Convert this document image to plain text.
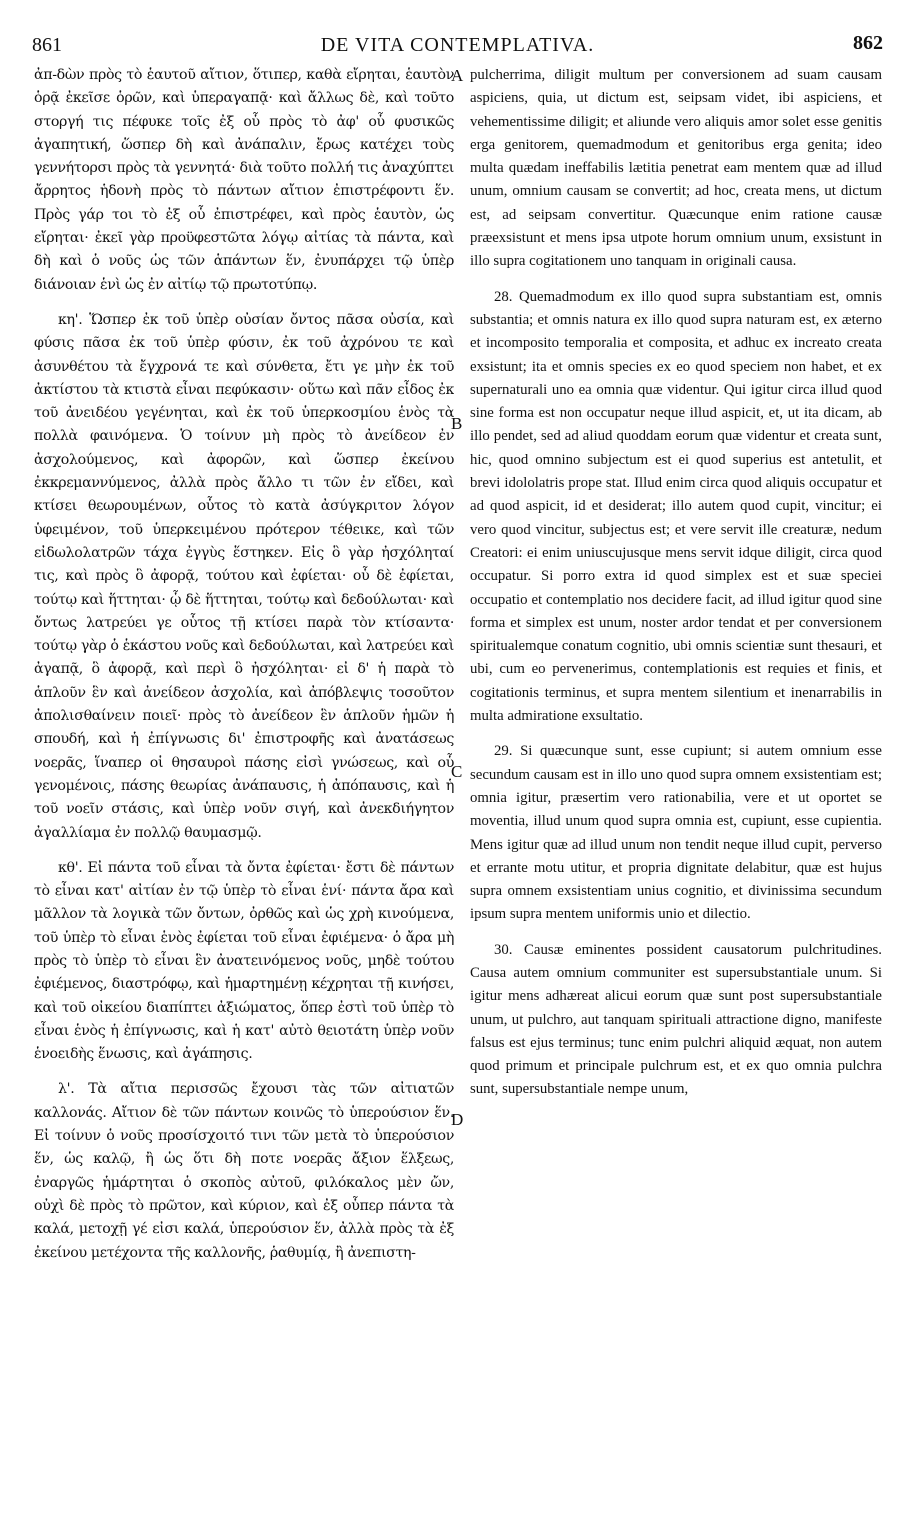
861	DE VITA CONTEMPLATIVA.	862

ἀπ-δὼν πρὸς τὸ ἑαυτοῦ αἴτιον, ὅτιπερ, καθὰ εἴρηται, ἑαυτὸν ὁρᾷ ἐκεῖσε ὁρῶν, καὶ ὑπεραγαπᾷ· καὶ ἄλλως δὲ, καὶ τοῦτο στοργή τις πέφυκε τοῖς ἐξ οὗ πρὸς τὸ ἀφ' οὗ φυσικῶς ἀγαπητική, ὥσπερ δὴ καὶ ἀνάπαλιν, ἔρως κατέχει τοὺς γεννήτορσι πρὸς τὰ γεννητά· διὰ τοῦτο πολλή τις ἀναχύπτει ἄρρητος ἡδονὴ πρὸς τὸ πάντων αἴτιον ἐπιστρέφοντι ἕν. Πρὸς γάρ τοι τὸ ἐξ οὗ ἐπιστρέφει, καὶ πρὸς ἑαυτὸν, ὡς εἴρηται· ἐκεῖ γὰρ προϋφεστῶτα λόγῳ αἰτίας τὰ πάντα, καὶ δὴ καὶ ὁ νοῦς ὡς τῶν ἁπάντων ἕν, ἐνυπάρχει τῷ ὑπὲρ διάνοιαν ἑνὶ ὡς ἐν αἰτίῳ τῷ πρωτοτύπῳ.

κη'. Ὥσπερ ἐκ τοῦ ὑπὲρ οὐσίαν ὄντος πᾶσα οὐσία, καὶ φύσις πᾶσα ἐκ τοῦ ὑπὲρ φύσιν, ἐκ τοῦ ἀχρόνου τε καὶ ἀσυνθέτου τὰ ἔγχρονά τε καὶ σύνθετα, ἔτι γε μὴν ἐκ τοῦ ἀκτίστου τὰ κτιστὰ εἶναι πεφύκασιν· οὕτω καὶ πᾶν εἶδος ἐκ τοῦ ἀνειδέου γεγένηται, καὶ ἐκ τοῦ ὑπερκοσμίου ἑνὸς τὰ πολλὰ φαινόμενα. Ὁ τοίνυν μὴ πρὸς τὸ ἀνείδεον ἐν ἀσχολούμενος, καὶ ἀφορῶν, καὶ ὥσπερ ἐκείνου ἐκκρεμαννύμενος, ἀλλὰ πρὸς ἄλλο τι τῶν ἐν εἴδει, καὶ κτίσει θεωρουμένων, οὗτος τὸ κατὰ ἀσύγκριτον λόγον ὑφειμένον, τοῦ ὑπερκειμένου πρότερον τέθεικε, καὶ τῶν εἰδωλολατρῶν τάχα ἐγγὺς ἕστηκεν. Εἰς ὃ γὰρ ἠσχόληταί τις, καὶ πρὸς ὃ ἀφορᾷ, τούτου καὶ ἐφίεται· οὗ δὲ ἐφίεται, τούτῳ καὶ ἥττηται· ᾧ δὲ ἥττηται, τούτῳ καὶ δεδούλωται· καὶ ὄντως λατρεύει γε οὗτος τῇ κτίσει παρὰ τὸν κτίσαντα· τούτῳ γὰρ ὁ ἑκάστου νοῦς καὶ δεδούλωται, καὶ λατρεύει καὶ ἀγαπᾷ, ὃ ἀφορᾷ, καὶ περὶ ὃ ἠσχόληται· εἰ δ' ἡ παρὰ τὸ ἁπλοῦν ἓν καὶ ἀνείδεον ἀσχολία, καὶ ἀπόβλεψις τοσοῦτον ἀπολισθαίνειν ποιεῖ· πρὸς τὸ ἀνείδεον ἓν ἁπλοῦν ἡμῶν ἡ σπουδή, καὶ ἡ ἐπίγνωσις δι' ἐπιστροφῆς καὶ ἀνατάσεως νοερᾶς, ἵναπερ οἱ θησαυροὶ πάσης εἰσὶ γνώσεως, καὶ οὗ γενομένοις, πάσης θεωρίας ἀνάπαυσις, ἡ ἀπόπαυσις, καὶ ἡ τοῦ νοεῖν στάσις, καὶ ὑπὲρ νοῦν σιγή, καὶ ἀνεκδιήγητον ἀγαλλίαμα ἐν πολλῷ θαυμασμῷ.

κθ'. Εἰ πάντα τοῦ εἶναι τὰ ὄντα ἐφίεται· ἔστι δὲ πάντων τὸ εἶναι κατ' αἰτίαν ἐν τῷ ὑπὲρ τὸ εἶναι ἑνί· πάντα ἄρα καὶ μᾶλλον τὰ λογικὰ τῶν ὄντων, ὀρθῶς καὶ ὡς χρὴ κινούμενα, τοῦ ὑπὲρ τὸ εἶναι ἑνὸς ἐφίεται τοῦ εἶναι ἐφιέμενα· ὁ ἄρα μὴ πρὸς τὸ ὑπὲρ τὸ εἶναι ἓν ἀνατεινόμενος νοῦς, μηδὲ τούτου ἐφιέμενος, διαστρόφῳ, καὶ ἡμαρτημένῃ κέχρηται τῇ κινήσει, καὶ τοῦ οἰκείου διαπίπτει ἀξιώματος, ὅπερ ἐστὶ τοῦ ὑπὲρ τὸ εἶναι ἑνὸς ἡ ἐπίγνωσις, καὶ ἡ κατ' αὐτὸ θειοτάτη ὑπὲρ νοῦν ἑνοειδὴς ἕνωσις, καὶ ἀγάπησις.

λ'. Τὰ αἴτια περισσῶς ἔχουσι τὰς τῶν αἰτιατῶν καλλονάς. Αἴτιον δὲ τῶν πάντων κοινῶς τὸ ὑπερούσιον ἕν. Εἰ τοίνυν ὁ νοῦς προσίσχοιτό τινι τῶν μετὰ τὸ ὑπερούσιον ἕν, ὡς καλῷ, ἢ ὡς ὅτι δὴ ποτε νοερᾶς ἄξιον ἕλξεως, ἐναργῶς ἡμάρτηται ὁ σκοπὸς αὐτοῦ, φιλόκαλος μὲν ὤν, οὐχὶ δὲ πρὸς τὸ πρῶτον, καὶ κύριον, καὶ ἐξ οὗπερ πάντα τὰ καλά, μετοχῇ γέ εἰσι καλά, ὑπερούσιον ἕν, ἀλλὰ πρὸς τὰ ἐξ ἐκείνου μετέχοντα τῆς καλλονῆς, ῥαθυμίᾳ, ἢ ἀνεπιστη-

A
B
C
D

pulcherrima, diligit multum per conversionem ad suam causam aspiciens, quia, ut dictum est, seipsam videt, ibi aspiciens, et vehementissime diligit; et aliunde vero aliquis amor solet esse genitis erga genitorem, quemadmodum et genitoribus erga genita; ideo multa quædam ineffabilis lætitia penetrat eam mentem quæ ad illud unum, omnium causam se convertit; ad hoc, creata mens, ut dictum est, ad seipsam convertitur. Quæcunque enim ratione causæ præexsistunt et mens ipsa utpote horum omnium unum, exsistunt in illo supra cogitationem uno tanquam in originali causa.

28. Quemadmodum ex illo quod supra substantiam est, omnis substantia; et omnis natura ex illo quod supra naturam est, ex æterno et incomposito temporalia et composita, et adhuc ex increato creata exsistunt; ita et omnis species ex eo quod speciem non habet, et ex supernaturali uno ea omnia quæ videntur. Qui igitur circa illud quod sine forma est non occupatur neque illud aspicit, et, ut ita dicam, ab illo pendet, sed ad aliud quoddam eorum quæ videntur et creata sunt, hic, quod omnino subjectum est ei quod superius est antetulit, et brevi idololatris prope stat. Illud enim circa quod aliquis occupatur et ad quod aspicit, id et desiderat; illo autem quod cupit, vincitur; ei vero quod vincitur, subjectus est; et vere servit ille creaturæ, nedum Creatori: ei enim uniuscujusque mens servit idque diligit, circa quod occupatur. Si porro extra id quod simplex est et suæ speciei occupatio et contemplatio nos decidere facit, ad illud igitur quod sine forma et simplex est unum, noster ardor tendat et per conversionem spiritualemque conatum cognitio, ubi omnis scientiæ sunt thesauri, et ubi, cum eo pervenerimus, contemplationis est requies et finis, et cogitationis terminus, et supra mentem silentium et inenarrabilis in multa admiratione exsultatio.

29. Si quæcunque sunt, esse cupiunt; si autem omnium esse secundum causam est in illo uno quod supra omnem exsistentiam est; omnia igitur, præsertim vero rationabilia, vere et ut oportet se moventia, illud unum quod supra omnia est, cupiunt, esse cupientia. Mens igitur quæ ad illud unum non tendit neque illud cupit, perverso et errante motu utitur, et propria dignitate delabitur, quæ est hujus supra omnem exsistentiam unius cognitio, et divinissima secundum ipsum supra mentem uniformis unio et dilectio.

30. Causæ eminentes possident causatorum pulchritudines. Causa autem omnium communiter est supersubstantiale unum. Si igitur mens adhæreat alicui eorum quæ sunt post supersubstantiale unum, ut pulchro, aut tanquam spirituali attractione digno, manifeste falsus est ejus terminus; tunc enim pulchri aliquid æquat, non autem quod primum et principale pulchrum est, et ex quo omnia pulchra sunt, supersubstantiale nempe unum,
